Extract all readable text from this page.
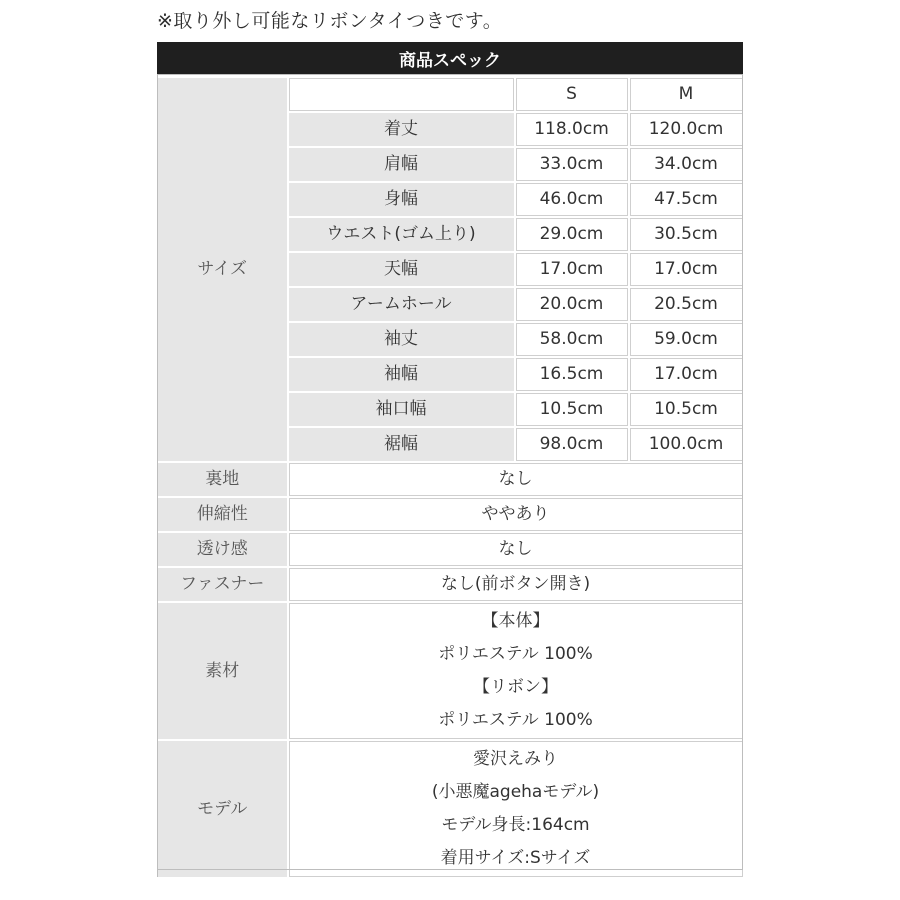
※取り外し可能なリボンタイつきです。
商品スペック
サイズ		S	M
	着丈	118.0cm	120.0cm
	肩幅	33.0cm	34.0cm
	身幅	46.0cm	47.5cm
	ウエスト(ゴム上り)	29.0cm	30.5cm
	天幅	17.0cm	17.0cm
	アームホール	20.0cm	20.5cm
	袖丈	58.0cm	59.0cm
	袖幅	16.5cm	17.0cm
	袖口幅	10.5cm	10.5cm
	裾幅	98.0cm	100.0cm
裏地	なし		
伸縮性	ややあり		
透け感	なし		
ファスナー	なし(前ボタン開き)		
素材	【本体】
ポリエステル 100%
【リボン】
ポリエステル 100%		

モデル	愛沢えみり
(小悪魔agehaモデル)
モデル身長:164cm
着用サイズ:Sサイズ		
